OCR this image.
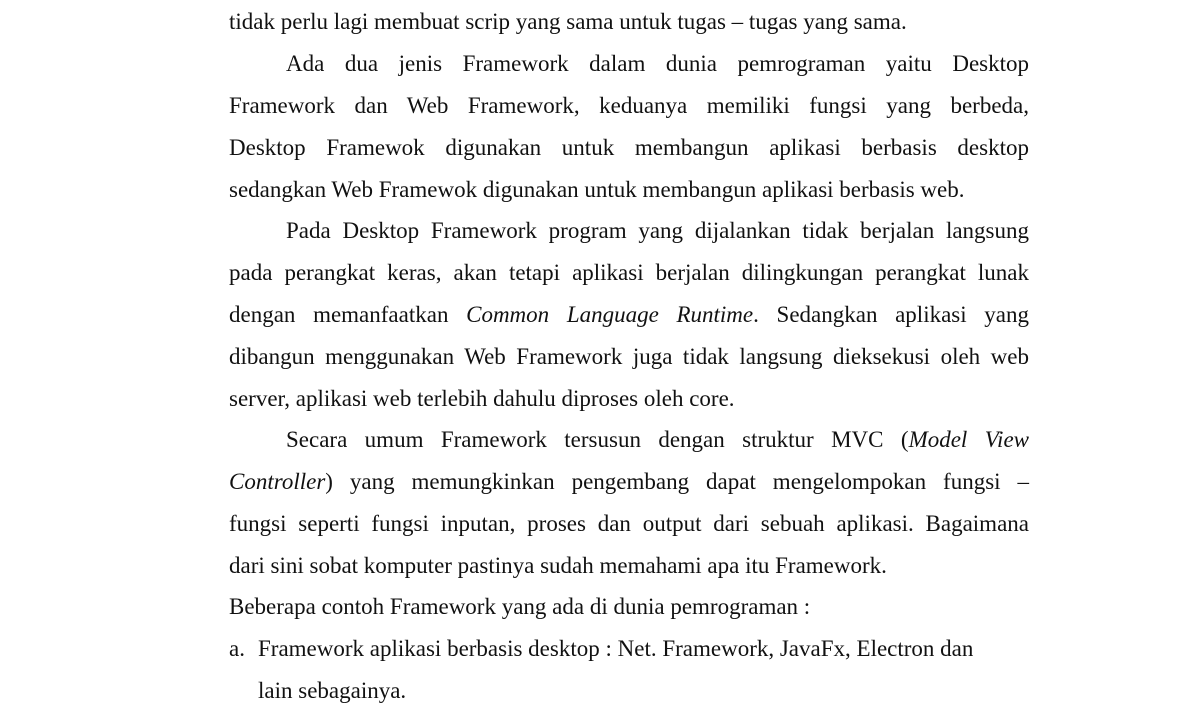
tidak perlu lagi membuat scrip yang sama untuk tugas – tugas yang sama.
Ada dua jenis Framework dalam dunia pemrograman yaitu Desktop
Framework dan Web Framework, keduanya memiliki fungsi yang berbeda,
Desktop Framewok digunakan untuk membangun aplikasi berbasis desktop
sedangkan Web Framewok digunakan untuk membangun aplikasi berbasis web.
Pada Desktop Framework program yang dijalankan tidak berjalan langsung
pada perangkat keras, akan tetapi aplikasi berjalan dilingkungan perangkat lunak
dengan memanfaatkan Common Language Runtime. Sedangkan aplikasi yang
dibangun menggunakan Web Framework juga tidak langsung dieksekusi oleh web
server, aplikasi web terlebih dahulu diproses oleh core.
Secara umum Framework tersusun dengan struktur MVC (Model View
Controller) yang memungkinkan pengembang dapat mengelompokan fungsi –
fungsi seperti fungsi inputan, proses dan output dari sebuah aplikasi. Bagaimana
dari sini sobat komputer pastinya sudah memahami apa itu Framework.
Beberapa contoh Framework yang ada di dunia pemrograman :
a. Framework aplikasi berbasis desktop : Net. Framework, JavaFx, Electron dan
lain sebagainya.
